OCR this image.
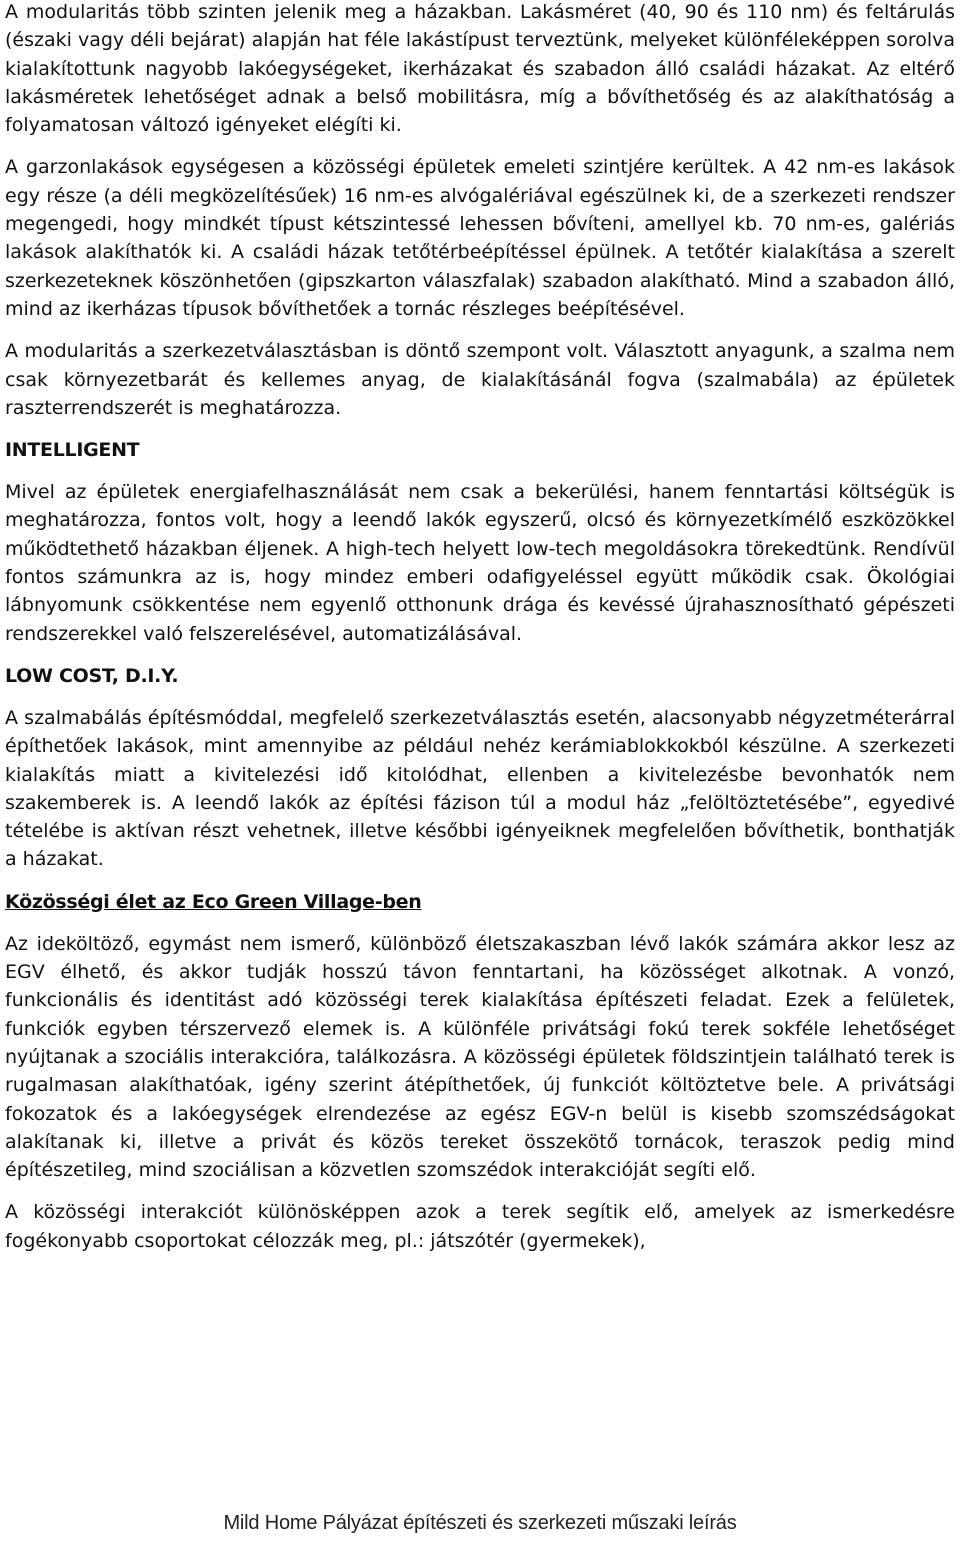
A modularitás több szinten jelenik meg a házakban. Lakásméret (40, 90 és 110 nm) és feltárulás (északi vagy déli bejárat) alapján hat féle lakástípust terveztünk, melyeket különféleképpen sorolva kialakítottunk nagyobb lakóegységeket, ikerházakat és szabadon álló családi házakat. Az eltérő lakásméretek lehetőséget adnak a belső mobilitásra, míg a bővíthetőség és az alakíthatóság a folyamatosan változó igényeket elégíti ki.

A garzonlakások egységesen a közösségi épületek emeleti szintjére kerültek. A 42 nm-es lakások egy része (a déli megközelítésűek) 16 nm-es alvógalériával egészülnek ki, de a szerkezeti rendszer megengedi, hogy mindkét típust kétszintessé lehessen bővíteni, amellyel kb. 70 nm-es, galériás lakások alakíthatók ki. A családi házak tetőtérbeépítéssel épülnek. A tetőtér kialakítása a szerelt szerkezeteknek köszönhetően (gipszkarton válaszfalak) szabadon alakítható. Mind a szabadon álló, mind az ikerházas típusok bővíthetőek a tornác részleges beépítésével.

A modularitás a szerkezetválasztásban is döntő szempont volt. Választott anyagunk, a szalma nem csak környezetbarát és kellemes anyag, de kialakításánál fogva (szalmabála) az épületek raszterrendszerét is meghatározza.

INTELLIGENT

Mivel az épületek energiafelhasználását nem csak a bekerülési, hanem fenntartási költségük is meghatározza, fontos volt, hogy a leendő lakók egyszerű, olcsó és környezetkímélő eszközökkel működtethető házakban éljenek. A high-tech helyett low-tech megoldásokra törekedtünk. Rendívül fontos számunkra az is, hogy mindez emberi odafigyeléssel együtt működik csak. Ökológiai lábnyomunk csökkentése nem egyenlő otthonunk drága és kevéssé újrahasznosítható gépészeti rendszerekkel való felszerelésével, automatizálásával.

LOW COST, D.I.Y.

A szalmabálás építésmóddal, megfelelő szerkezetválasztás esetén, alacsonyabb négyzetméterárral építhetőek lakások, mint amennyibe az például nehéz kerámiablokkokból készülne. A szerkezeti kialakítás miatt a kivitelezési idő kitolódhat, ellenben a kivitelezésbe bevonhatók nem szakemberek is. A leendő lakók az építési fázison túl a modul ház „felöltöztetésébe”, egyedivé tételébe is aktívan részt vehetnek, illetve későbbi igényeiknek megfelelően bővíthetik, bonthatják a házakat.

Közösségi élet az Eco Green Village-ben

Az ideköltöző, egymást nem ismerő, különböző életszakaszban lévő lakók számára akkor lesz az EGV élhető, és akkor tudják hosszú távon fenntartani, ha közösséget alkotnak. A vonzó, funkcionális és identitást adó közösségi terek kialakítása építészeti feladat. Ezek a felületek, funkciók egyben térszervező elemek is. A különféle privátsági fokú terek sokféle lehetőséget nyújtanak a szociális interakcióra, találkozásra. A közösségi épületek földszintjein található terek is rugalmasan alakíthatóak, igény szerint átépíthetőek, új funkciót költöztetve bele. A privátsági fokozatok és a lakóegységek elrendezése az egész EGV-n belül is kisebb szomszédságokat alakítanak ki, illetve a privát és közös tereket összekötő tornácok, teraszok pedig mind építészetileg, mind szociálisan a közvetlen szomszédok interakcióját segíti elő.

A közösségi interakciót különösképpen azok a terek segítik elő, amelyek az ismerkedésre fogékonyabb csoportokat célozzák meg, pl.: játszótér (gyermekek),

Mild Home Pályázat építészeti és szerkezeti műszaki leírás
